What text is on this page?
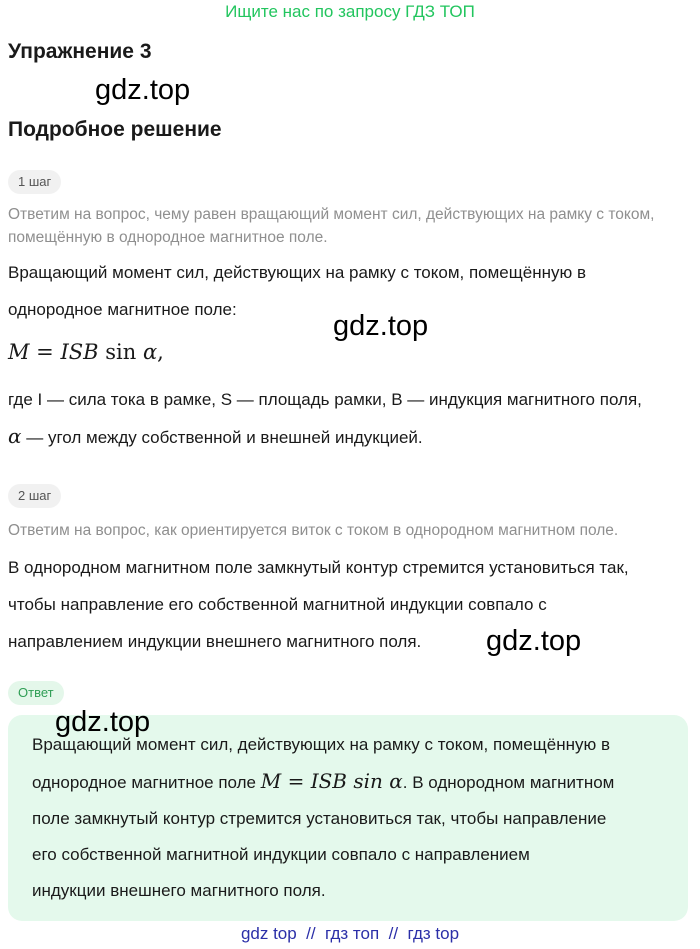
Ищите нас по запросу ГДЗ ТОП
Упражнение 3
gdz.top
Подробное решение
1 шаг
Ответим на вопрос, чему равен вращающий момент сил, действующих на рамку с током, помещённую в однородное магнитное поле.
Вращающий момент сил, действующих на рамку с током, помещённую в
однородное магнитное поле:
gdz.top
M = ISB sin α,
где I — сила тока в рамке, S — площадь рамки, B — индукция магнитного поля,
α — угол между собственной и внешней индукцией.
2 шаг
Ответим на вопрос, как ориентируется виток с током в однородном магнитном поле.
В однородном магнитном поле замкнутый контур стремится установиться так,
чтобы направление его собственной магнитной индукции совпало с
направлением индукции внешнего магнитного поля.	gdz.top
Ответ
Вращающий момент сил, действующих на рамку с током, помещённую в
однородное магнитное поле M = ISB sin α. В однородном магнитном
поле замкнутый контур стремится установиться так, чтобы направление
его собственной магнитной индукции совпало с направлением
индукции внешнего магнитного поля.
gdz.top
gdz top  //  гдз топ  //  гдз top
